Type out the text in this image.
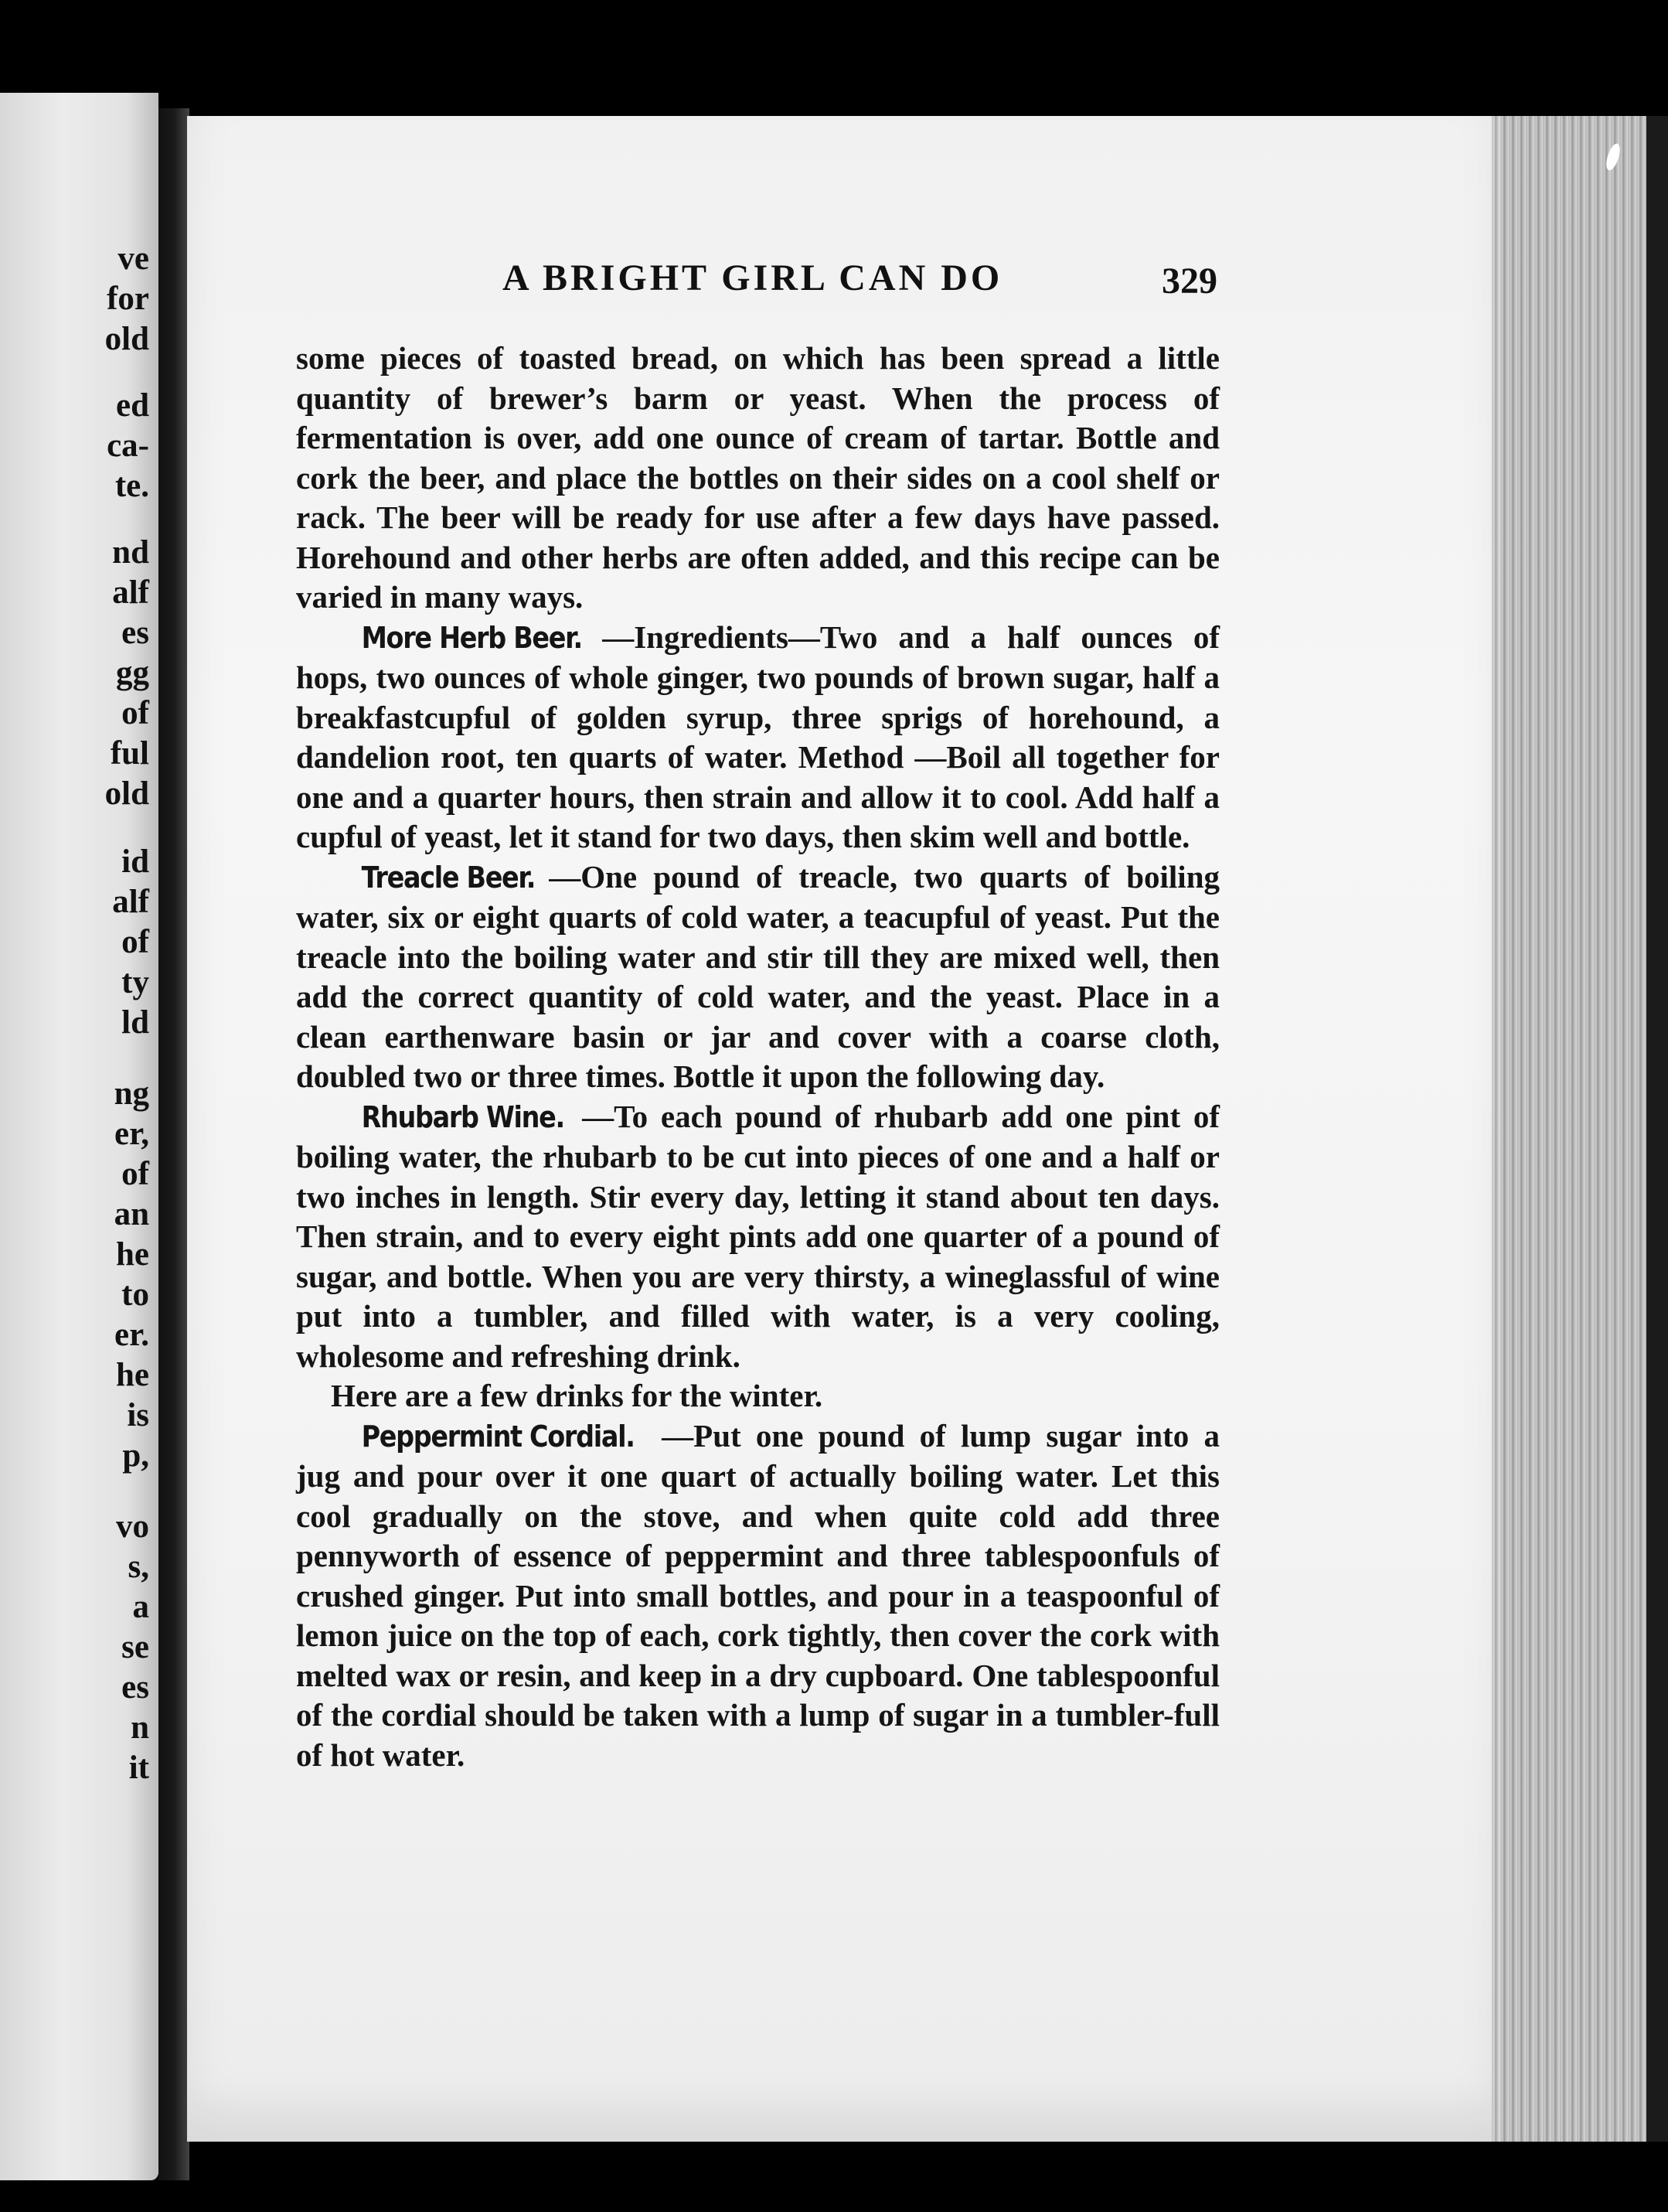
ve
for
old
ed
ca-
te.
nd
alf
es
gg
of
ful
old
id
alf
of
ty
ld
ng
er,
of
an
he
to
er.
he
is
p,
vo
s,
a
se
es
n
it
A BRIGHT GIRL CAN DO	329

some pieces of toasted bread, on which has been spread a little quantity of brewer’s barm or yeast. When the process of fermentation is over, add one ounce of cream of tartar. Bottle and cork the beer, and place the bottles on their sides on a cool shelf or rack. The beer will be ready for use after a few days have passed. Horehound and other herbs are often added, and this recipe can be varied in many ways.

More Herb Beer. —Ingredients—Two and a half ounces of hops, two ounces of whole ginger, two pounds of brown sugar, half a breakfastcupful of golden syrup, three sprigs of horehound, a dandelion root, ten quarts of water. Method —Boil all together for one and a quarter hours, then strain and allow it to cool. Add half a cupful of yeast, let it stand for two days, then skim well and bottle.

Treacle Beer. —One pound of treacle, two quarts of boiling water, six or eight quarts of cold water, a teacupful of yeast. Put the treacle into the boiling water and stir till they are mixed well, then add the correct quantity of cold water, and the yeast. Place in a clean earthenware basin or jar and cover with a coarse cloth, doubled two or three times. Bottle it upon the following day.

Rhubarb Wine. —To each pound of rhubarb add one pint of boiling water, the rhubarb to be cut into pieces of one and a half or two inches in length. Stir every day, letting it stand about ten days. Then strain, and to every eight pints add one quarter of a pound of sugar, and bottle. When you are very thirsty, a wineglassful of wine put into a tumbler, and filled with water, is a very cooling, wholesome and refreshing drink.

Here are a few drinks for the winter.

Peppermint Cordial. —Put one pound of lump sugar into a jug and pour over it one quart of actually boiling water. Let this cool gradually on the stove, and when quite cold add three pennyworth of essence of peppermint and three tablespoonfuls of crushed ginger. Put into small bottles, and pour in a teaspoonful of lemon juice on the top of each, cork tightly, then cover the cork with melted wax or resin, and keep in a dry cupboard. One tablespoonful of the cordial should be taken with a lump of sugar in a tumbler-full of hot water.
